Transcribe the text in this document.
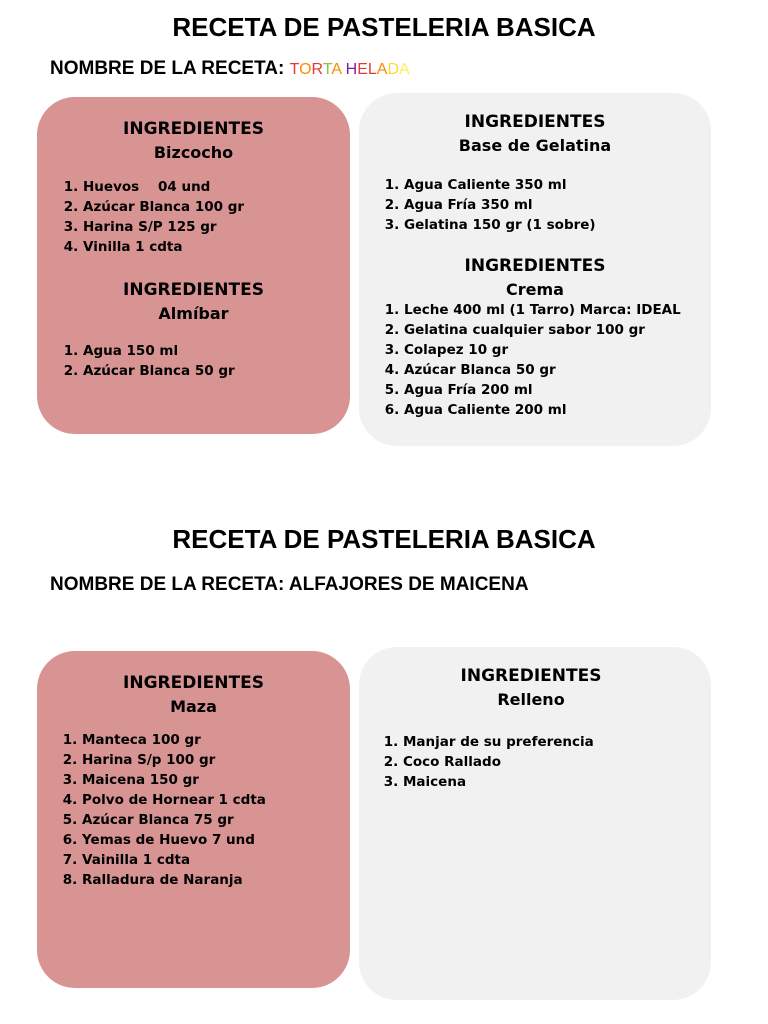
RECETA DE PASTELERIA BASICA
NOMBRE DE LA RECETA: TORTA HELADA

INGREDIENTES

Bizcocho

1. Huevos    04 und
2. Azúcar Blanca 100 gr
3. Harina S/P 125 gr
4. Vinilla 1 cdta

INGREDIENTES

Almíbar

1. Agua 150 ml
2. Azúcar Blanca 50 gr

INGREDIENTES

Base de Gelatina

1. Agua Caliente 350 ml
2. Agua Fría 350 ml
3. Gelatina 150 gr (1 sobre)

INGREDIENTES

Crema

1. Leche 400 ml (1 Tarro) Marca: IDEAL
2. Gelatina cualquier sabor 100 gr
3. Colapez 10 gr
4. Azúcar Blanca 50 gr
5. Agua Fría 200 ml
6. Agua Caliente 200 ml
RECETA DE PASTELERIA BASICA
NOMBRE DE LA RECETA: ALFAJORES DE MAICENA

INGREDIENTES

Maza

1. Manteca 100 gr
2. Harina S/p 100 gr
3. Maicena 150 gr
4. Polvo de Hornear 1 cdta
5. Azúcar Blanca 75 gr
6. Yemas de Huevo 7 und
7. Vainilla 1 cdta
8. Ralladura de Naranja

INGREDIENTES

Relleno

1. Manjar de su preferencia
2. Coco Rallado
3. Maicena
